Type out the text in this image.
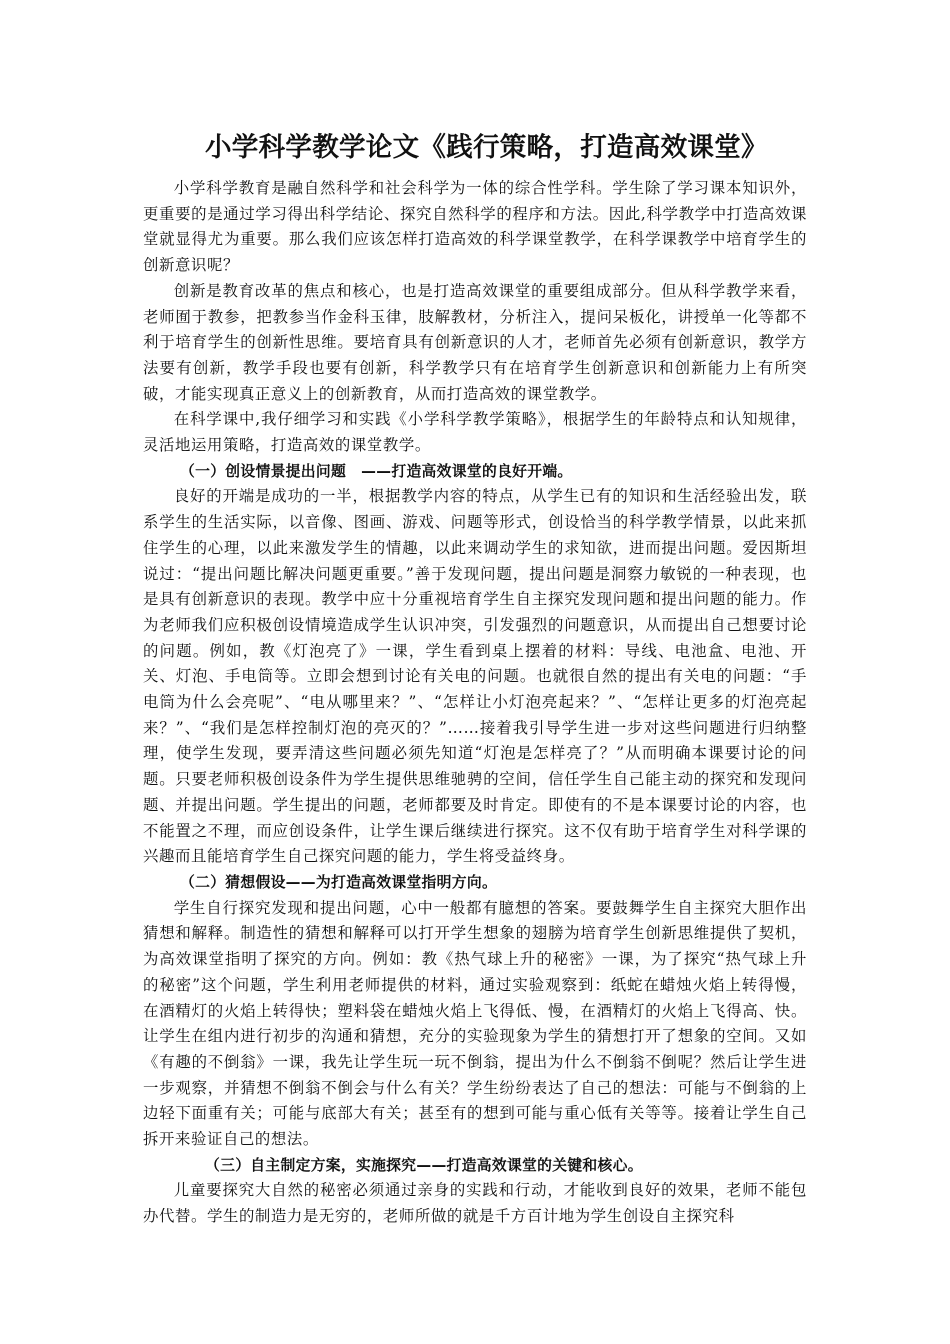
小学科学教学论文《践行策略，打造高效课堂》

小学科学教育是融自然科学和社会科学为一体的综合性学科。学生除了学习课本知识外，更重要的是通过学习得出科学结论、探究自然科学的程序和方法。因此,科学教学中打造高效课堂就显得尤为重要。那么我们应该怎样打造高效的科学课堂教学，在科学课教学中培育学生的创新意识呢？

创新是教育改革的焦点和核心，也是打造高效课堂的重要组成部分。但从科学教学来看，老师囿于教参，把教参当作金科玉律，肢解教材，分析注入，提问呆板化，讲授单一化等都不利于培育学生的创新性思维。要培育具有创新意识的人才，老师首先必须有创新意识，教学方法要有创新，教学手段也要有创新，科学教学只有在培育学生创新意识和创新能力上有所突破，才能实现真正意义上的创新教育，从而打造高效的课堂教学。

在科学课中,我仔细学习和实践《小学科学教学策略》，根据学生的年龄特点和认知规律，灵活地运用策略，打造高效的课堂教学。

（一）创设情景提出问题　——打造高效课堂的良好开端。

良好的开端是成功的一半，根据教学内容的特点，从学生已有的知识和生活经验出发，联系学生的生活实际，以音像、图画、游戏、问题等形式，创设恰当的科学教学情景，以此来抓住学生的心理，以此来激发学生的情趣，以此来调动学生的求知欲，进而提出问题。爱因斯坦说过：“提出问题比解决问题更重要。”善于发现问题，提出问题是洞察力敏锐的一种表现，也是具有创新意识的表现。教学中应十分重视培育学生自主探究发现问题和提出问题的能力。作为老师我们应积极创设情境造成学生认识冲突，引发强烈的问题意识，从而提出自己想要讨论的问题。例如，教《灯泡亮了》一课，学生看到桌上摆着的材料：导线、电池盒、电池、开关、灯泡、手电筒等。立即会想到讨论有关电的问题。也就很自然的提出有关电的问题：“手电筒为什么会亮呢”、“电从哪里来？”、“怎样让小灯泡亮起来？”、“怎样让更多的灯泡亮起来？”、“我们是怎样控制灯泡的亮灭的？”……接着我引导学生进一步对这些问题进行归纳整理，使学生发现，要弄清这些问题必须先知道“灯泡是怎样亮了？”从而明确本课要讨论的问题。只要老师积极创设条件为学生提供思维驰骋的空间，信任学生自己能主动的探究和发现问题、并提出问题。学生提出的问题，老师都要及时肯定。即使有的不是本课要讨论的内容，也不能置之不理，而应创设条件，让学生课后继续进行探究。这不仅有助于培育学生对科学课的兴趣而且能培育学生自己探究问题的能力，学生将受益终身。

（二）猜想假设——为打造高效课堂指明方向。

学生自行探究发现和提出问题，心中一般都有臆想的答案。要鼓舞学生自主探究大胆作出猜想和解释。制造性的猜想和解释可以打开学生想象的翅膀为培育学生创新思维提供了契机，为高效课堂指明了探究的方向。例如：教《热气球上升的秘密》一课，为了探究“热气球上升的秘密”这个问题，学生利用老师提供的材料，通过实验观察到：纸蛇在蜡烛火焰上转得慢，在酒精灯的火焰上转得快；塑料袋在蜡烛火焰上飞得低、慢，在酒精灯的火焰上飞得高、快。让学生在组内进行初步的沟通和猜想，充分的实验现象为学生的猜想打开了想象的空间。又如《有趣的不倒翁》一课，我先让学生玩一玩不倒翁，提出为什么不倒翁不倒呢？然后让学生进一步观察，并猜想不倒翁不倒会与什么有关？学生纷纷表达了自己的想法：可能与不倒翁的上边轻下面重有关；可能与底部大有关；甚至有的想到可能与重心低有关等等。接着让学生自己拆开来验证自己的想法。

（三）自主制定方案，实施探究——打造高效课堂的关键和核心。

儿童要探究大自然的秘密必须通过亲身的实践和行动，才能收到良好的效果，老师不能包办代替。学生的制造力是无穷的，老师所做的就是千方百计地为学生创设自主探究科
